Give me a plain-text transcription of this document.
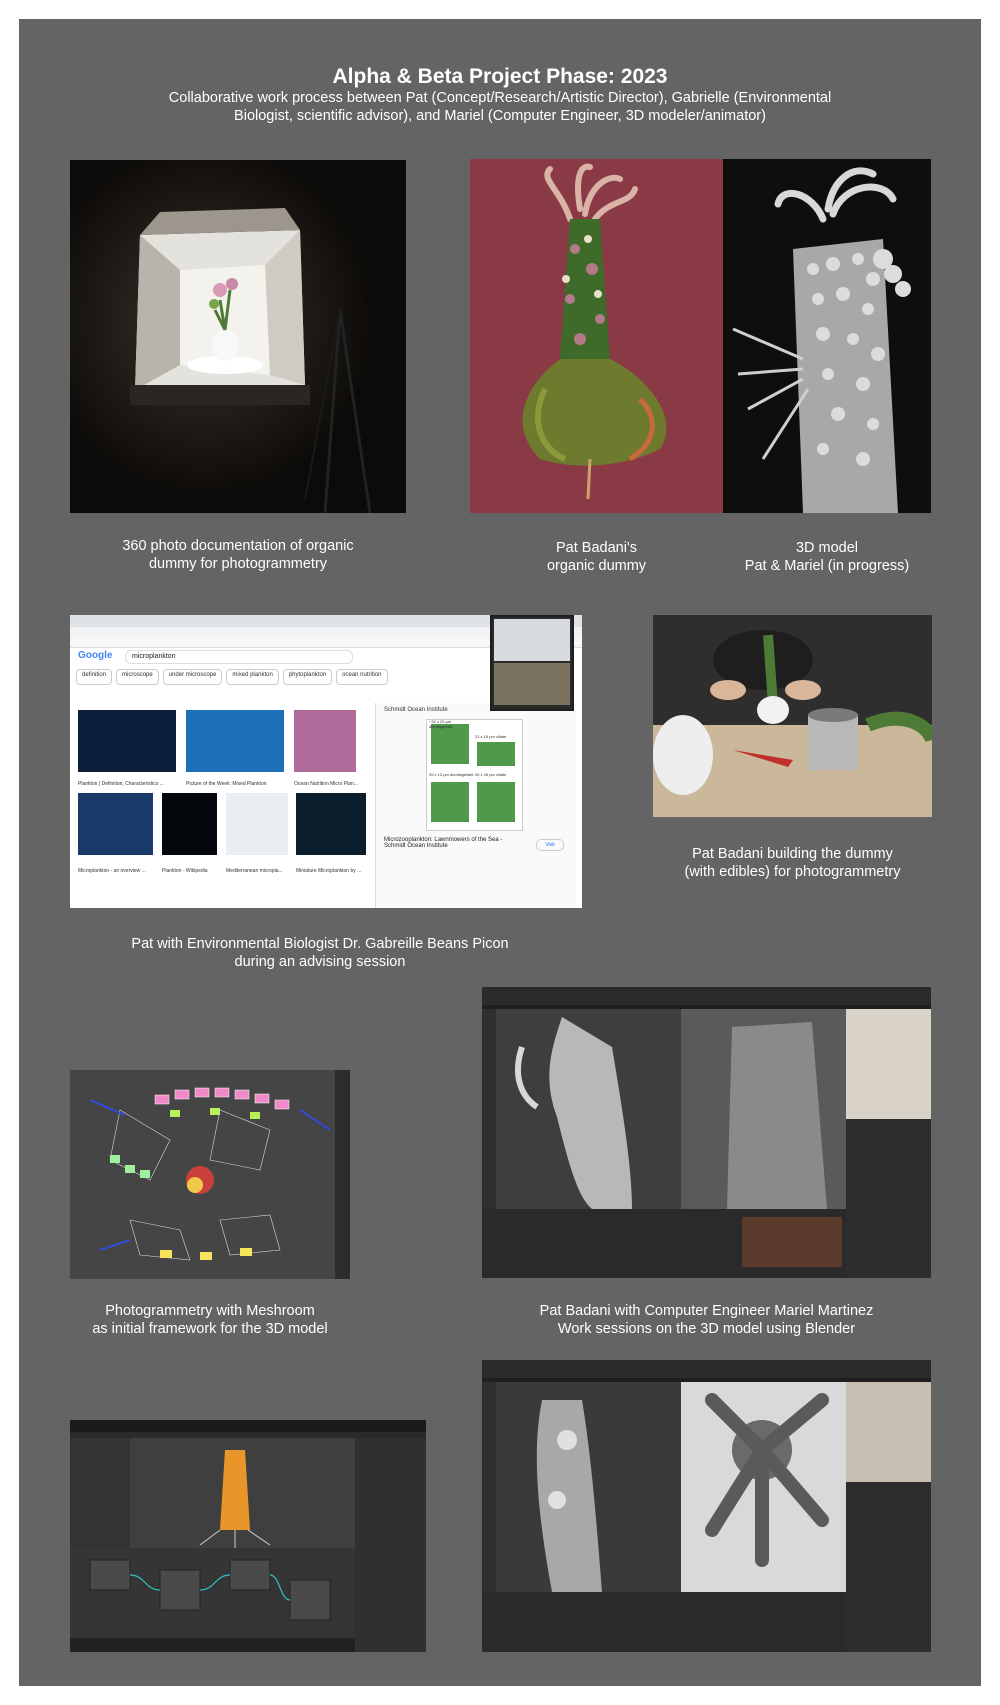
Alpha & Beta Project Phase: 2023
Collaborative work process between Pat (Concept/Research/Artistic Director), Gabrielle (Environmental Biologist, scientific advisor), and Mariel (Computer Engineer, 3D modeler/animator)
360 photo documentation of organic
dummy for photogrammetry
Pat Badani's
organic dummy
3D model
Pat & Mariel (in progress)
Google	microplankton
definition	microscope	under microscope	mixed plankton	phytoplankton	ocean nutrition
Plankton | Definition, Characteristics ...	Picture of the Week: Mixed Plankton	Ocean Nutrition Micro Plan...
Microplankton - an overview ...	Plankton - Wikipedia	Mediterranean microplа...	Miniature Microplankton by ...
Schmidt Ocean Institute
~32 x 29 μm dinoflagellate
21 x 18 μm ciliate
39 x 13 μm dinoflagellate 26 x 26 μm ciliate
Microzooplankton: Lawnmowers of the Sea - Schmidt Ocean Institute	Visit
Pat with Environmental Biologist Dr. Gabreille Beans Picon
during an advising session
Pat Badani building the dummy
(with edibles) for photogrammetry
Photogrammetry with Meshroom
as initial framework for the 3D model
Pat Badani with Computer Engineer Mariel Martinez
Work sessions on the 3D model using Blender
